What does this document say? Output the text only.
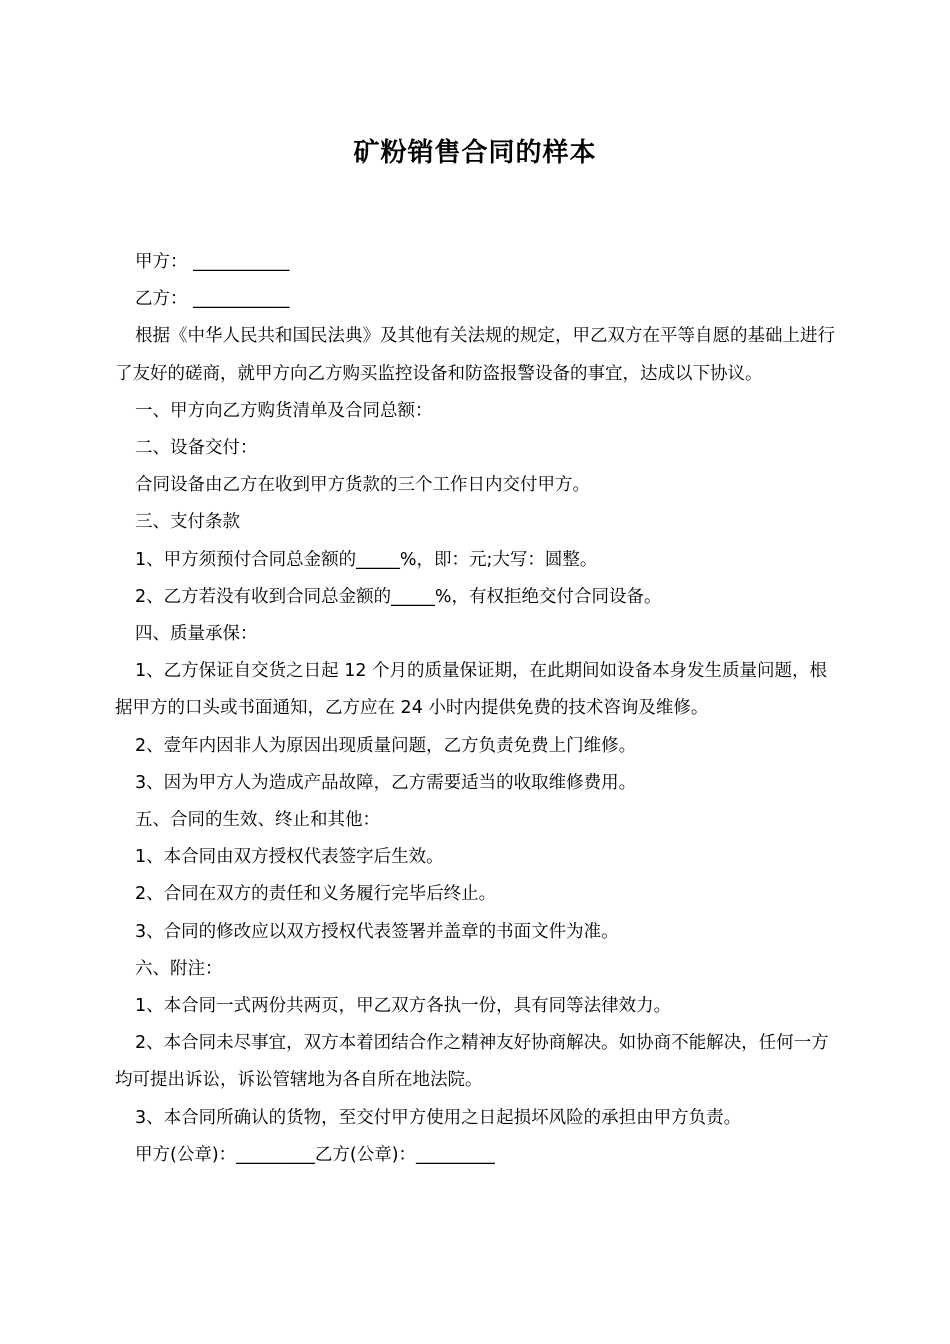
矿粉销售合同的样本

甲方： ___________

乙方： ___________

根据《中华人民共和国民法典》及其他有关法规的规定，甲乙双方在平等自愿的基础上进行了友好的磋商，就甲方向乙方购买监控设备和防盗报警设备的事宜，达成以下协议。

一、甲方向乙方购货清单及合同总额：

二、设备交付：

合同设备由乙方在收到甲方货款的三个工作日内交付甲方。

三、支付条款

1、甲方须预付合同总金额的_____%，即：元;大写：圆整。

2、乙方若没有收到合同总金额的_____%，有权拒绝交付合同设备。

四、质量承保：

1、乙方保证自交货之日起 12 个月的质量保证期，在此期间如设备本身发生质量问题，根据甲方的口头或书面通知，乙方应在 24 小时内提供免费的技术咨询及维修。

2、壹年内因非人为原因出现质量问题，乙方负责免费上门维修。

3、因为甲方人为造成产品故障，乙方需要适当的收取维修费用。

五、合同的生效、终止和其他：

1、本合同由双方授权代表签字后生效。

2、合同在双方的责任和义务履行完毕后终止。

3、合同的修改应以双方授权代表签署并盖章的书面文件为准。

六、附注：

1、本合同一式两份共两页，甲乙双方各执一份，具有同等法律效力。

2、本合同未尽事宜，双方本着团结合作之精神友好协商解决。如协商不能解决，任何一方均可提出诉讼，诉讼管辖地为各自所在地法院。

3、本合同所确认的货物，至交付甲方使用之日起损坏风险的承担由甲方负责。

甲方(公章)：_________乙方(公章)：_________
